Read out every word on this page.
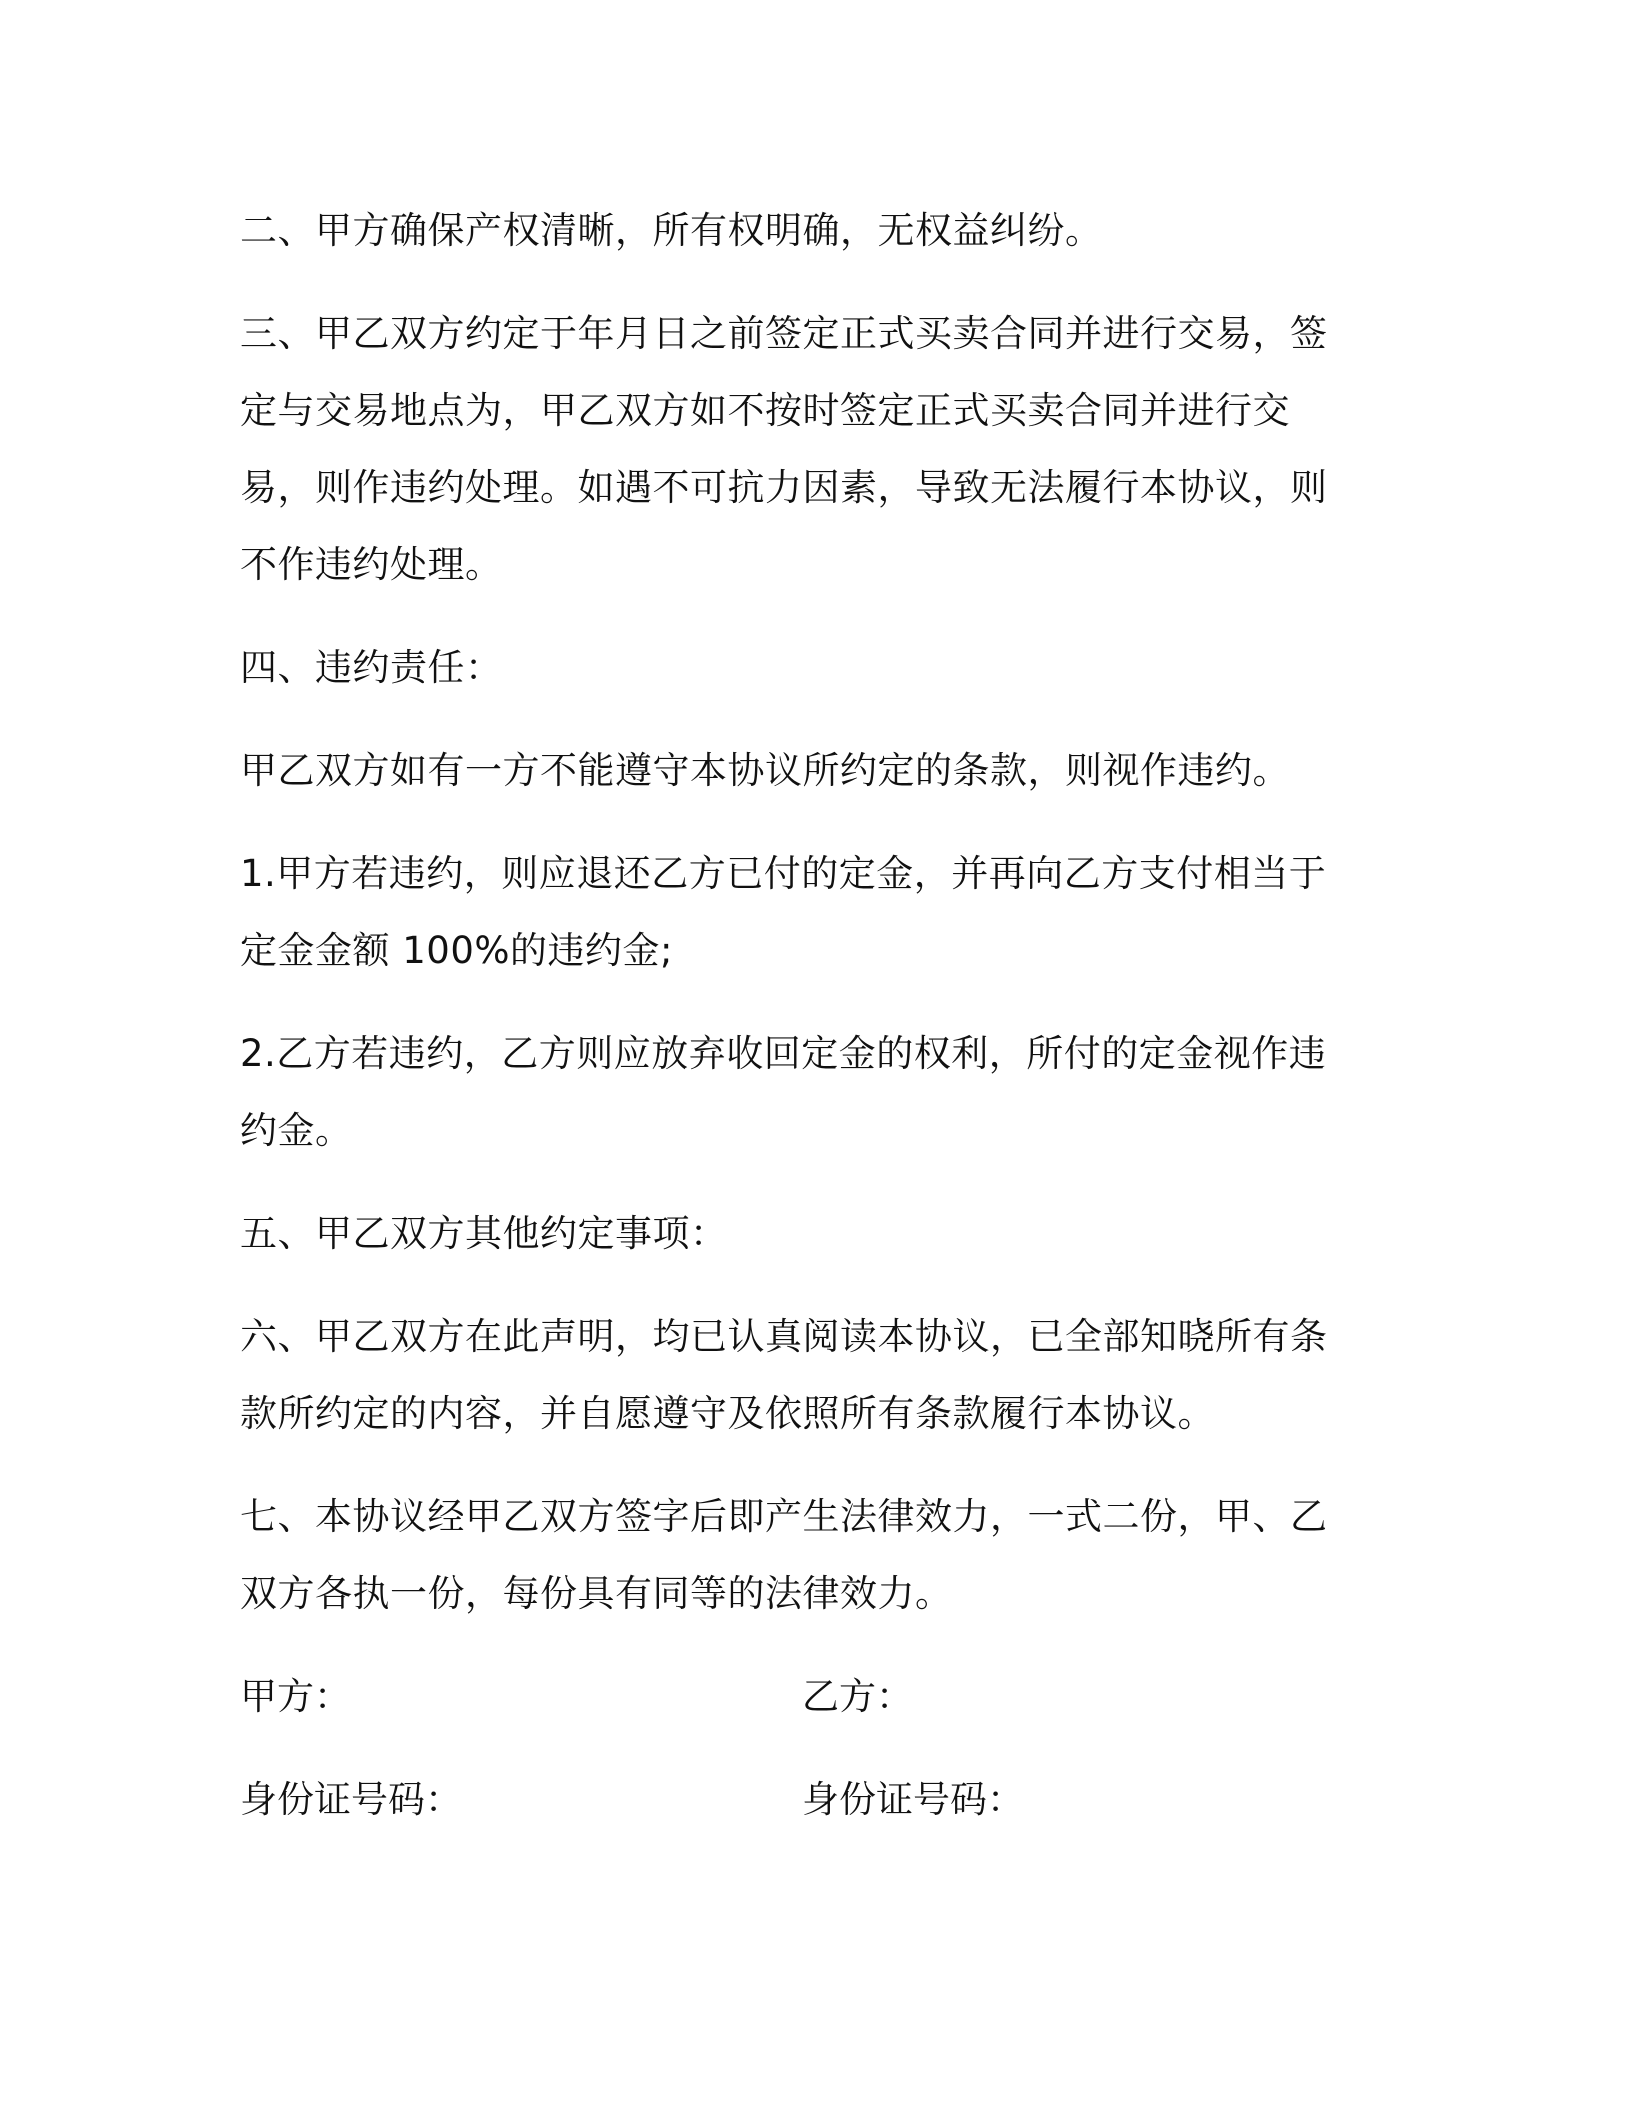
二、甲方确保产权清晰，所有权明确，无权益纠纷。

三、甲乙双方约定于年月日之前签定正式买卖合同并进行交易，签定与交易地点为，甲乙双方如不按时签定正式买卖合同并进行交易，则作违约处理。如遇不可抗力因素，导致无法履行本协议，则不作违约处理。

四、违约责任：

甲乙双方如有一方不能遵守本协议所约定的条款，则视作违约。

1.甲方若违约，则应退还乙方已付的定金，并再向乙方支付相当于定金金额 100%的违约金;

2.乙方若违约，乙方则应放弃收回定金的权利，所付的定金视作违约金。

五、甲乙双方其他约定事项：

六、甲乙双方在此声明，均已认真阅读本协议，已全部知晓所有条款所约定的内容，并自愿遵守及依照所有条款履行本协议。

七、本协议经甲乙双方签字后即产生法律效力，一式二份，甲、乙双方各执一份，每份具有同等的法律效力。

甲方：	乙方：
身份证号码：	身份证号码：
